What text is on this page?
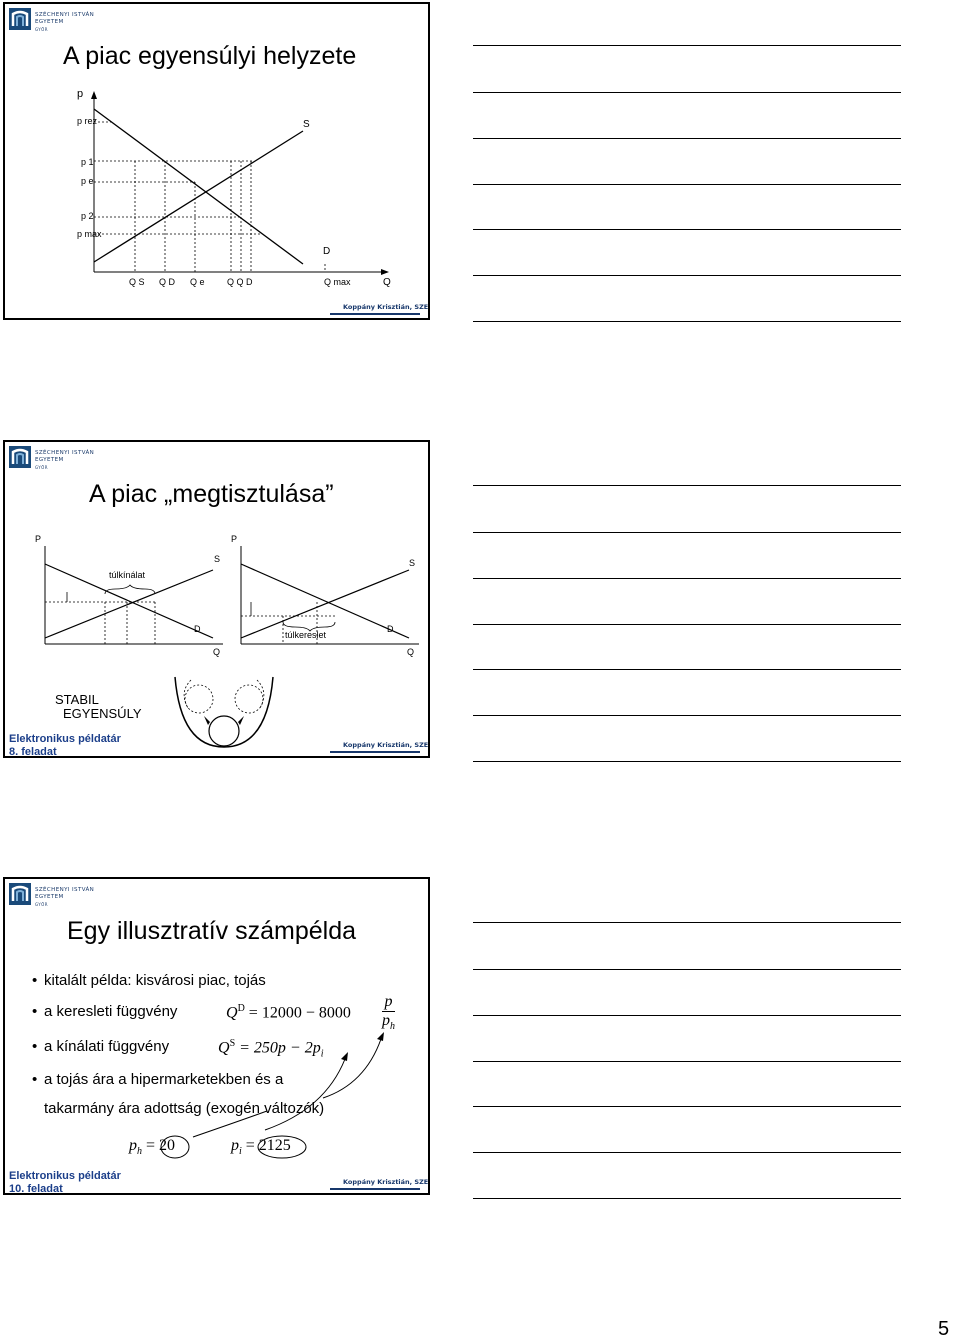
SZÉCHENYI ISTVÁN
EGYETEM
GYŐR
A piac egyensúlyi helyzete
p
p rez
p 1
p e
p 2
p max
S
D
Q S Q D Q e Q Q D	Q max	Q
Koppány Krisztián, SZE
SZÉCHENYI ISTVÁN
EGYETEM
GYŐR
A piac „megtisztulása”
P
S
túlkínálat
D
Q
P
S
D
túlkereslet
Q
STABIL
EGYENSÚLY
Elektronikus példatár
8. feladat
Koppány Krisztián, SZE
SZÉCHENYI ISTVÁN
EGYETEM
GYŐR
Egy illusztratív számpélda
• kitalált példa: kisvárosi piac, tojás
• a keresleti függvény
• a kínálati függvény
• a tojás ára a hipermarketekben és a
takarmány ára adottság (exogén változók)
$Q^D = 12000 - 8000$
p
$p_h$
$Q^S = 250p - 2p_i$
$p_h = 20$	$p_i = 2125$
Elektronikus példatár
10. feladat
Koppány Krisztián, SZE
5
